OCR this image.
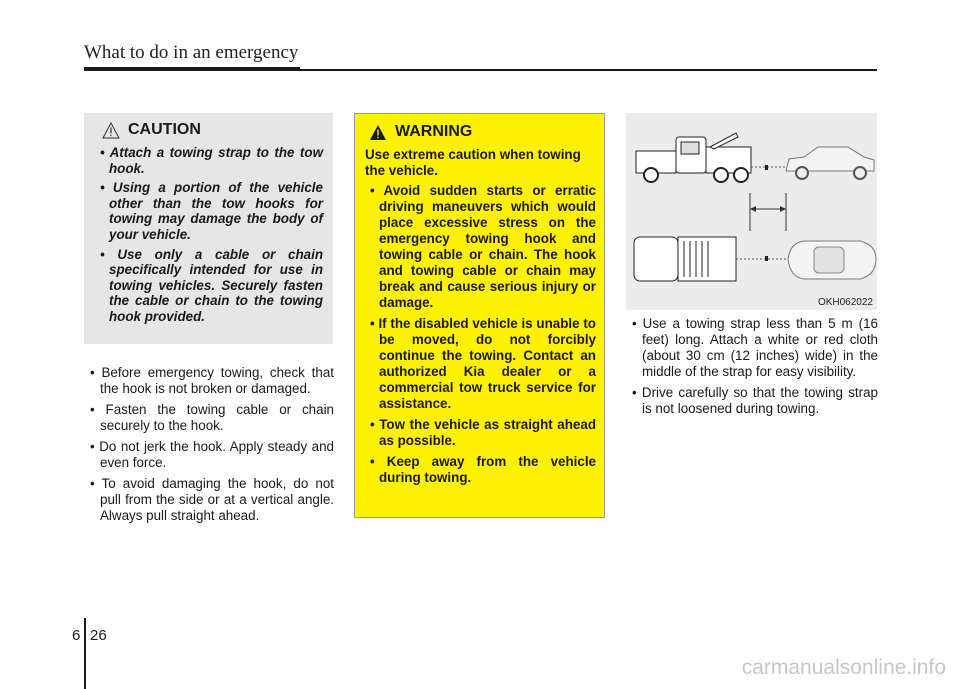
What to do in an emergency
CAUTION
• Attach a towing strap to the tow hook.
• Using a portion of the vehicle other than the tow hooks for towing may damage the body of your vehicle.
• Use only a cable or chain specifically intended for use in towing vehicles. Securely fasten the cable or chain to the towing hook provided.
• Before emergency towing, check that the hook is not broken or damaged.
• Fasten the towing cable or chain securely to the hook.
• Do not jerk the hook. Apply steady and even force.
• To avoid damaging the hook, do not pull from the side or at a vertical angle. Always pull straight ahead.
WARNING
Use extreme caution when towing the vehicle.
• Avoid sudden starts or erratic driving maneuvers which would place excessive stress on the emergency towing hook and towing cable or chain. The hook and towing cable or chain may break and cause serious injury or damage.
• If the disabled vehicle is unable to be moved, do not forcibly continue the towing. Contact an authorized Kia dealer or a commercial tow truck service for assistance.
• Tow the vehicle as straight ahead as possible.
• Keep away from the vehicle during towing.
OKH062022
• Use a towing strap less than 5 m (16 feet) long. Attach a white or red cloth (about 30 cm (12 inches) wide) in the middle of the strap for easy visibility.
• Drive carefully so that the towing strap is not loosened during towing.
6 26
carmanualsonline.info
